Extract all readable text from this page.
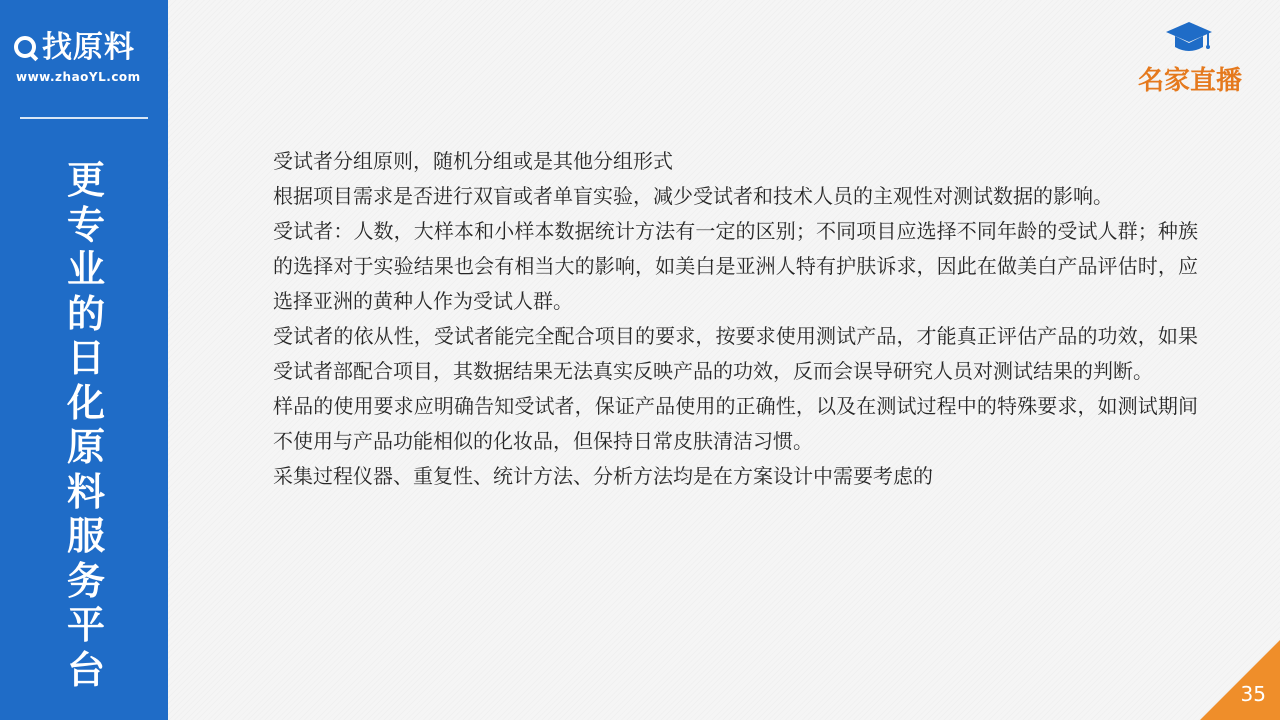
找原料
www.zhaoYL.com
更专业的日化原料服务平台
名家直播

受试者分组原则，随机分组或是其他分组形式

根据项目需求是否进行双盲或者单盲实验，减少受试者和技术人员的主观性对测试数据的影响。

受试者：人数，大样本和小样本数据统计方法有一定的区别；不同项目应选择不同年龄的受试人群；种族的选择对于实验结果也会有相当大的影响，如美白是亚洲人特有护肤诉求，因此在做美白产品评估时，应选择亚洲的黄种人作为受试人群。

受试者的依从性，受试者能完全配合项目的要求，按要求使用测试产品，才能真正评估产品的功效，如果受试者部配合项目，其数据结果无法真实反映产品的功效，反而会误导研究人员对测试结果的判断。

样品的使用要求应明确告知受试者，保证产品使用的正确性，以及在测试过程中的特殊要求，如测试期间不使用与产品功能相似的化妆品，但保持日常皮肤清洁习惯。

采集过程仪器、重复性、统计方法、分析方法均是在方案设计中需要考虑的

35
